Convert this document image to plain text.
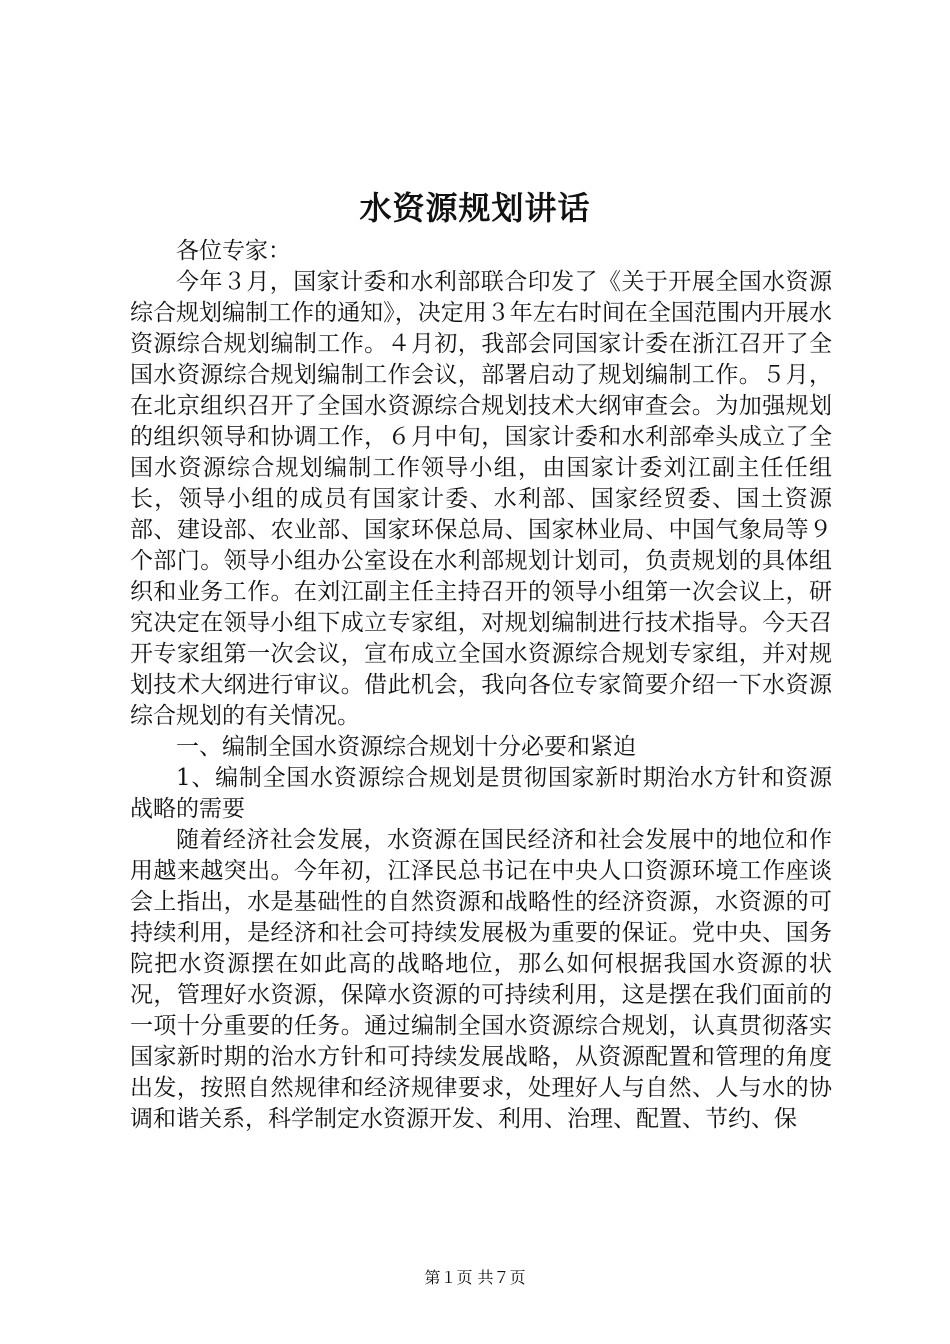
水资源规划讲话

各位专家：

今年３月，国家计委和水利部联合印发了《关于开展全国水资源综合规划编制工作的通知》，决定用３年左右时间在全国范围内开展水资源综合规划编制工作。４月初，我部会同国家计委在浙江召开了全国水资源综合规划编制工作会议，部署启动了规划编制工作。５月，在北京组织召开了全国水资源综合规划技术大纲审查会。为加强规划的组织领导和协调工作，６月中旬，国家计委和水利部牵头成立了全国水资源综合规划编制工作领导小组，由国家计委刘江副主任任组长，领导小组的成员有国家计委、水利部、国家经贸委、国土资源部、建设部、农业部、国家环保总局、国家林业局、中国气象局等９个部门。领导小组办公室设在水利部规划计划司，负责规划的具体组织和业务工作。在刘江副主任主持召开的领导小组第一次会议上，研究决定在领导小组下成立专家组，对规划编制进行技术指导。今天召开专家组第一次会议，宣布成立全国水资源综合规划专家组，并对规划技术大纲进行审议。借此机会，我向各位专家简要介绍一下水资源综合规划的有关情况。

一、编制全国水资源综合规划十分必要和紧迫

1、编制全国水资源综合规划是贯彻国家新时期治水方针和资源战略的需要

随着经济社会发展，水资源在国民经济和社会发展中的地位和作用越来越突出。今年初，江泽民总书记在中央人口资源环境工作座谈会上指出，水是基础性的自然资源和战略性的经济资源，水资源的可持续利用，是经济和社会可持续发展极为重要的保证。党中央、国务院把水资源摆在如此高的战略地位，那么如何根据我国水资源的状况，管理好水资源，保障水资源的可持续利用，这是摆在我们面前的一项十分重要的任务。通过编制全国水资源综合规划，认真贯彻落实国家新时期的治水方针和可持续发展战略，从资源配置和管理的角度出发，按照自然规律和经济规律要求，处理好人与自然、人与水的协调和谐关系，科学制定水资源开发、利用、治理、配置、节约、保

第１页 共７页
